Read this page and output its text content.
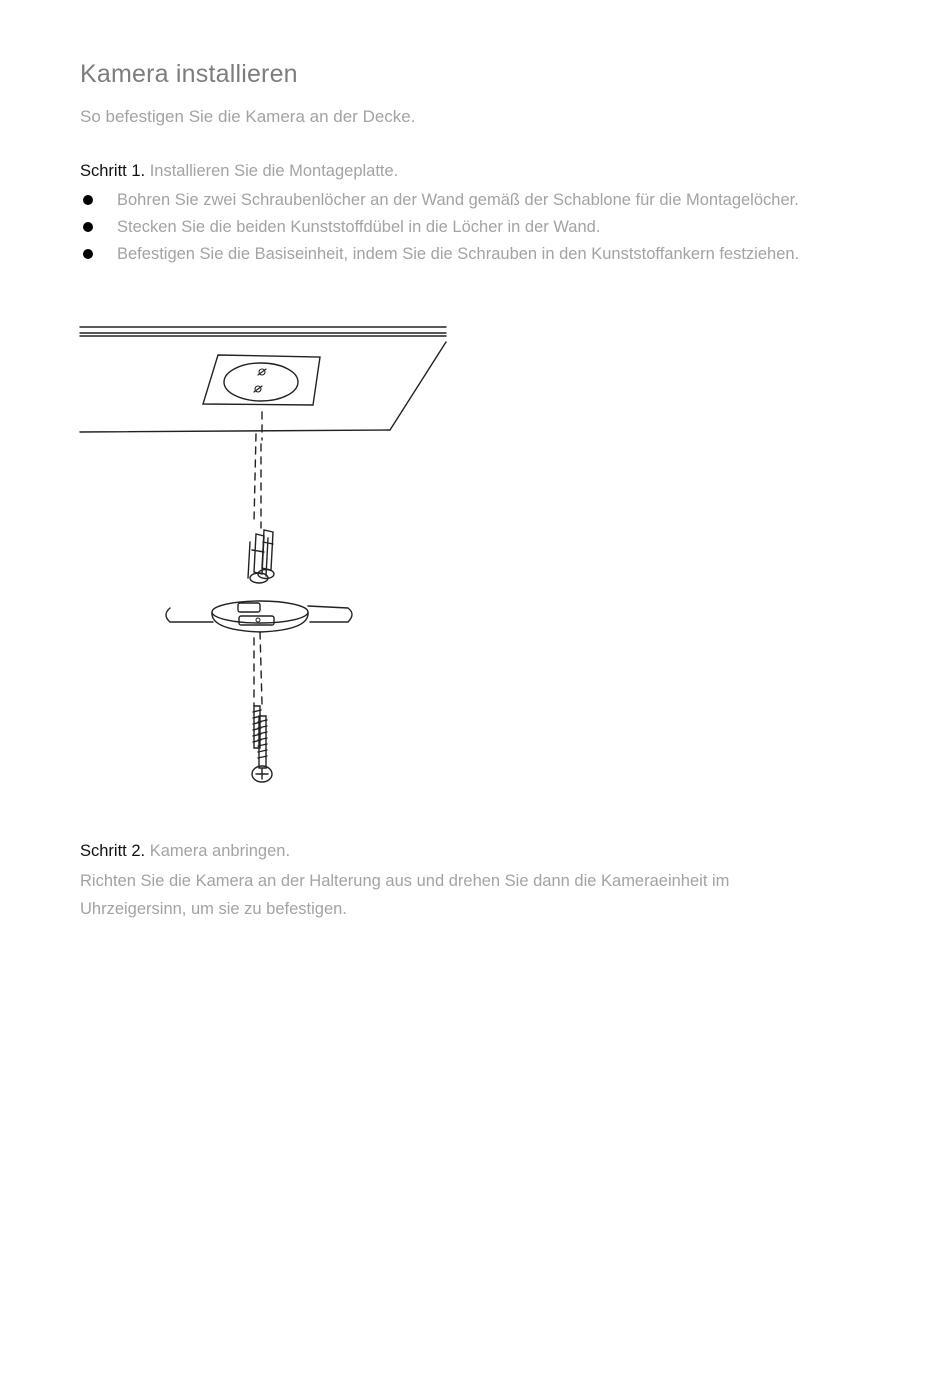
Kamera installieren
So befestigen Sie die Kamera an der Decke.
Schritt 1. Installieren Sie die Montageplatte.
Bohren Sie zwei Schraubenlöcher an der Wand gemäß der Schablone für die Montagelöcher.
Stecken Sie die beiden Kunststoffdübel in die Löcher in der Wand.
Befestigen Sie die Basiseinheit, indem Sie die Schrauben in den Kunststoffankern festziehen.
Schritt 2. Kamera anbringen.

Richten Sie die Kamera an der Halterung aus und drehen Sie dann die Kameraeinheit im Uhrzeigersinn, um sie zu befestigen.
